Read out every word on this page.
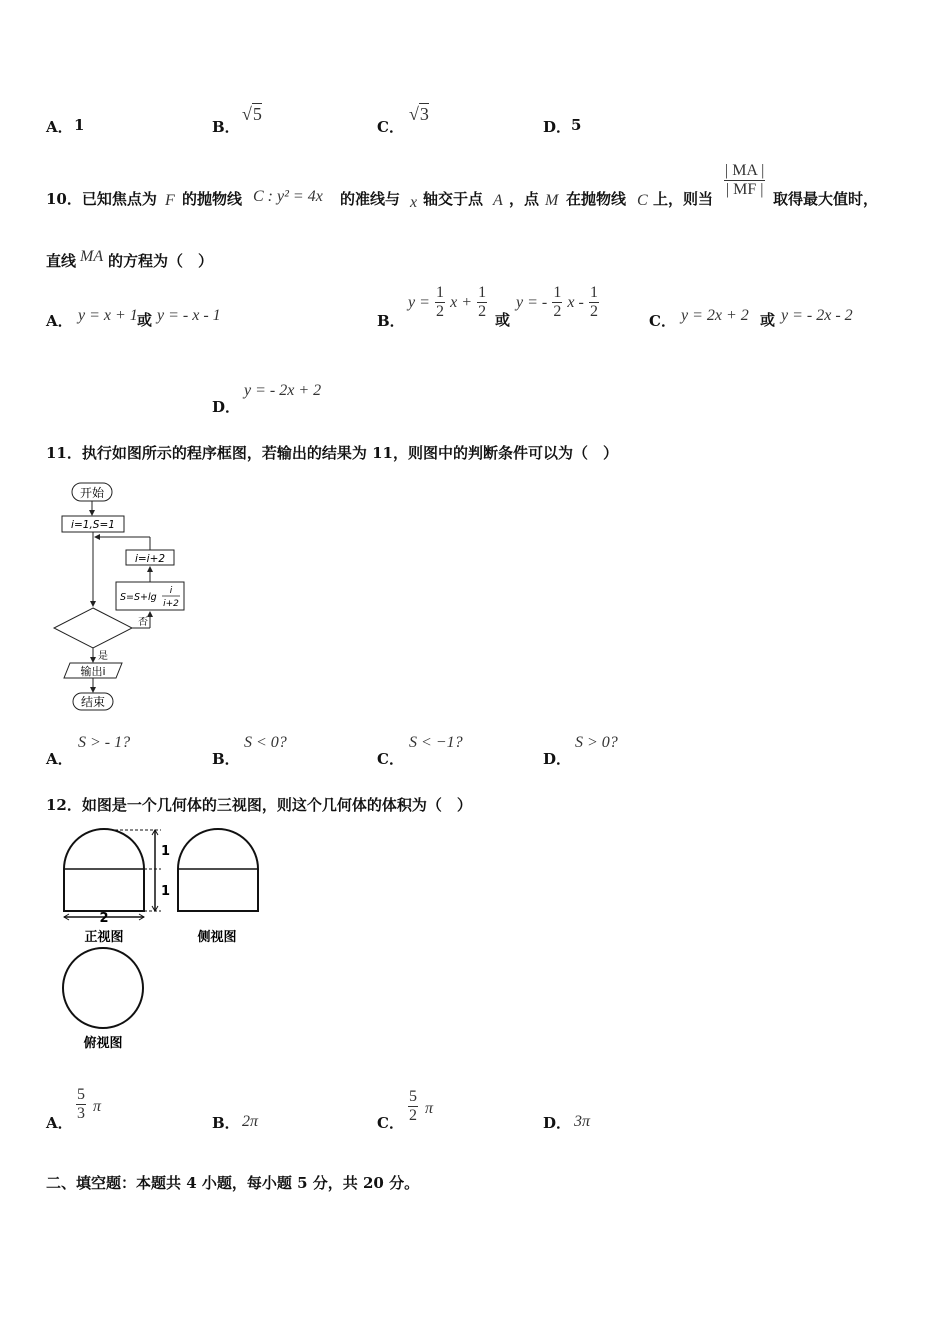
A． 1	B．
√5
C．
√3
D． 5
10．已知焦点为 F 的抛物线 C : y² = 4x 的准线与 x 轴交于点 A ，点 M 在抛物线 C 上，则当 $\frac{| MA |}{| MF |}$ 取得最大值时，
直线 MA 的方程为（　）
A． y = x + 1 或 y = - x - 1	B．
$y = \frac{1}{2}$ $x + \frac{1}{2}$ 或
y = - $\frac{1}{2}$ x - $\frac{1}{2}$	C． y = 2x + 2 或 y = - 2x - 2
D．
y = - 2x + 2
11．执行如图所示的程序框图，若输出的结果为 11，则图中的判断条件可以为（　）
开始
i=1,S=1
i=i+2
S=S+lg
i
i+2
否
是
输出i
结束
A．
S > - 1?
B．
S < 0?
C．
S < −1?
D．
S > 0?
12．如图是一个几何体的三视图，则这个几何体的体积为（　）
1
1
2
正视图	侧视图
俯视图
A． $\frac{5}{3}$ π
B． 2π	C． $\frac{5}{2}$ π
D． 3π
二、填空题：本题共 4 小题，每小题 5 分，共 20 分。
